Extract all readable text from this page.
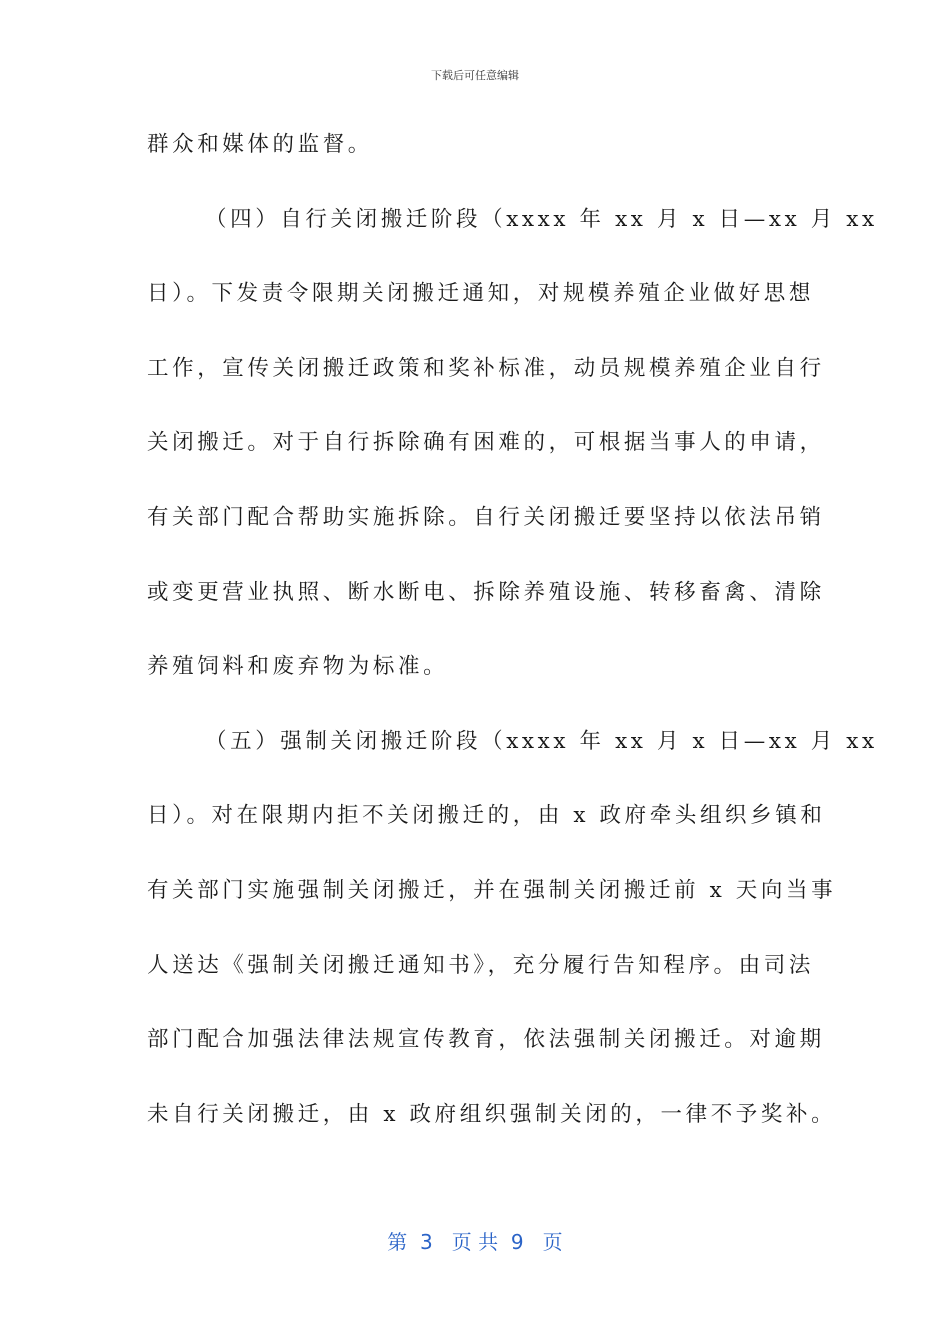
下载后可任意编辑
群众和媒体的监督。
（四）自行关闭搬迁阶段（xxxx 年 xx 月 x 日—xx 月 xx
日）。下发责令限期关闭搬迁通知，对规模养殖企业做好思想
工作，宣传关闭搬迁政策和奖补标准，动员规模养殖企业自行
关闭搬迁。对于自行拆除确有困难的，可根据当事人的申请，
有关部门配合帮助实施拆除。自行关闭搬迁要坚持以依法吊销
或变更营业执照、断水断电、拆除养殖设施、转移畜禽、清除
养殖饲料和废弃物为标准。
（五）强制关闭搬迁阶段（xxxx 年 xx 月 x 日—xx 月 xx
日）。对在限期内拒不关闭搬迁的，由 x 政府牵头组织乡镇和
有关部门实施强制关闭搬迁，并在强制关闭搬迁前 x 天向当事
人送达《强制关闭搬迁通知书》，充分履行告知程序。由司法
部门配合加强法律法规宣传教育，依法强制关闭搬迁。对逾期
未自行关闭搬迁，由 x 政府组织强制关闭的，一律不予奖补。
第  3   页 共  9   页
